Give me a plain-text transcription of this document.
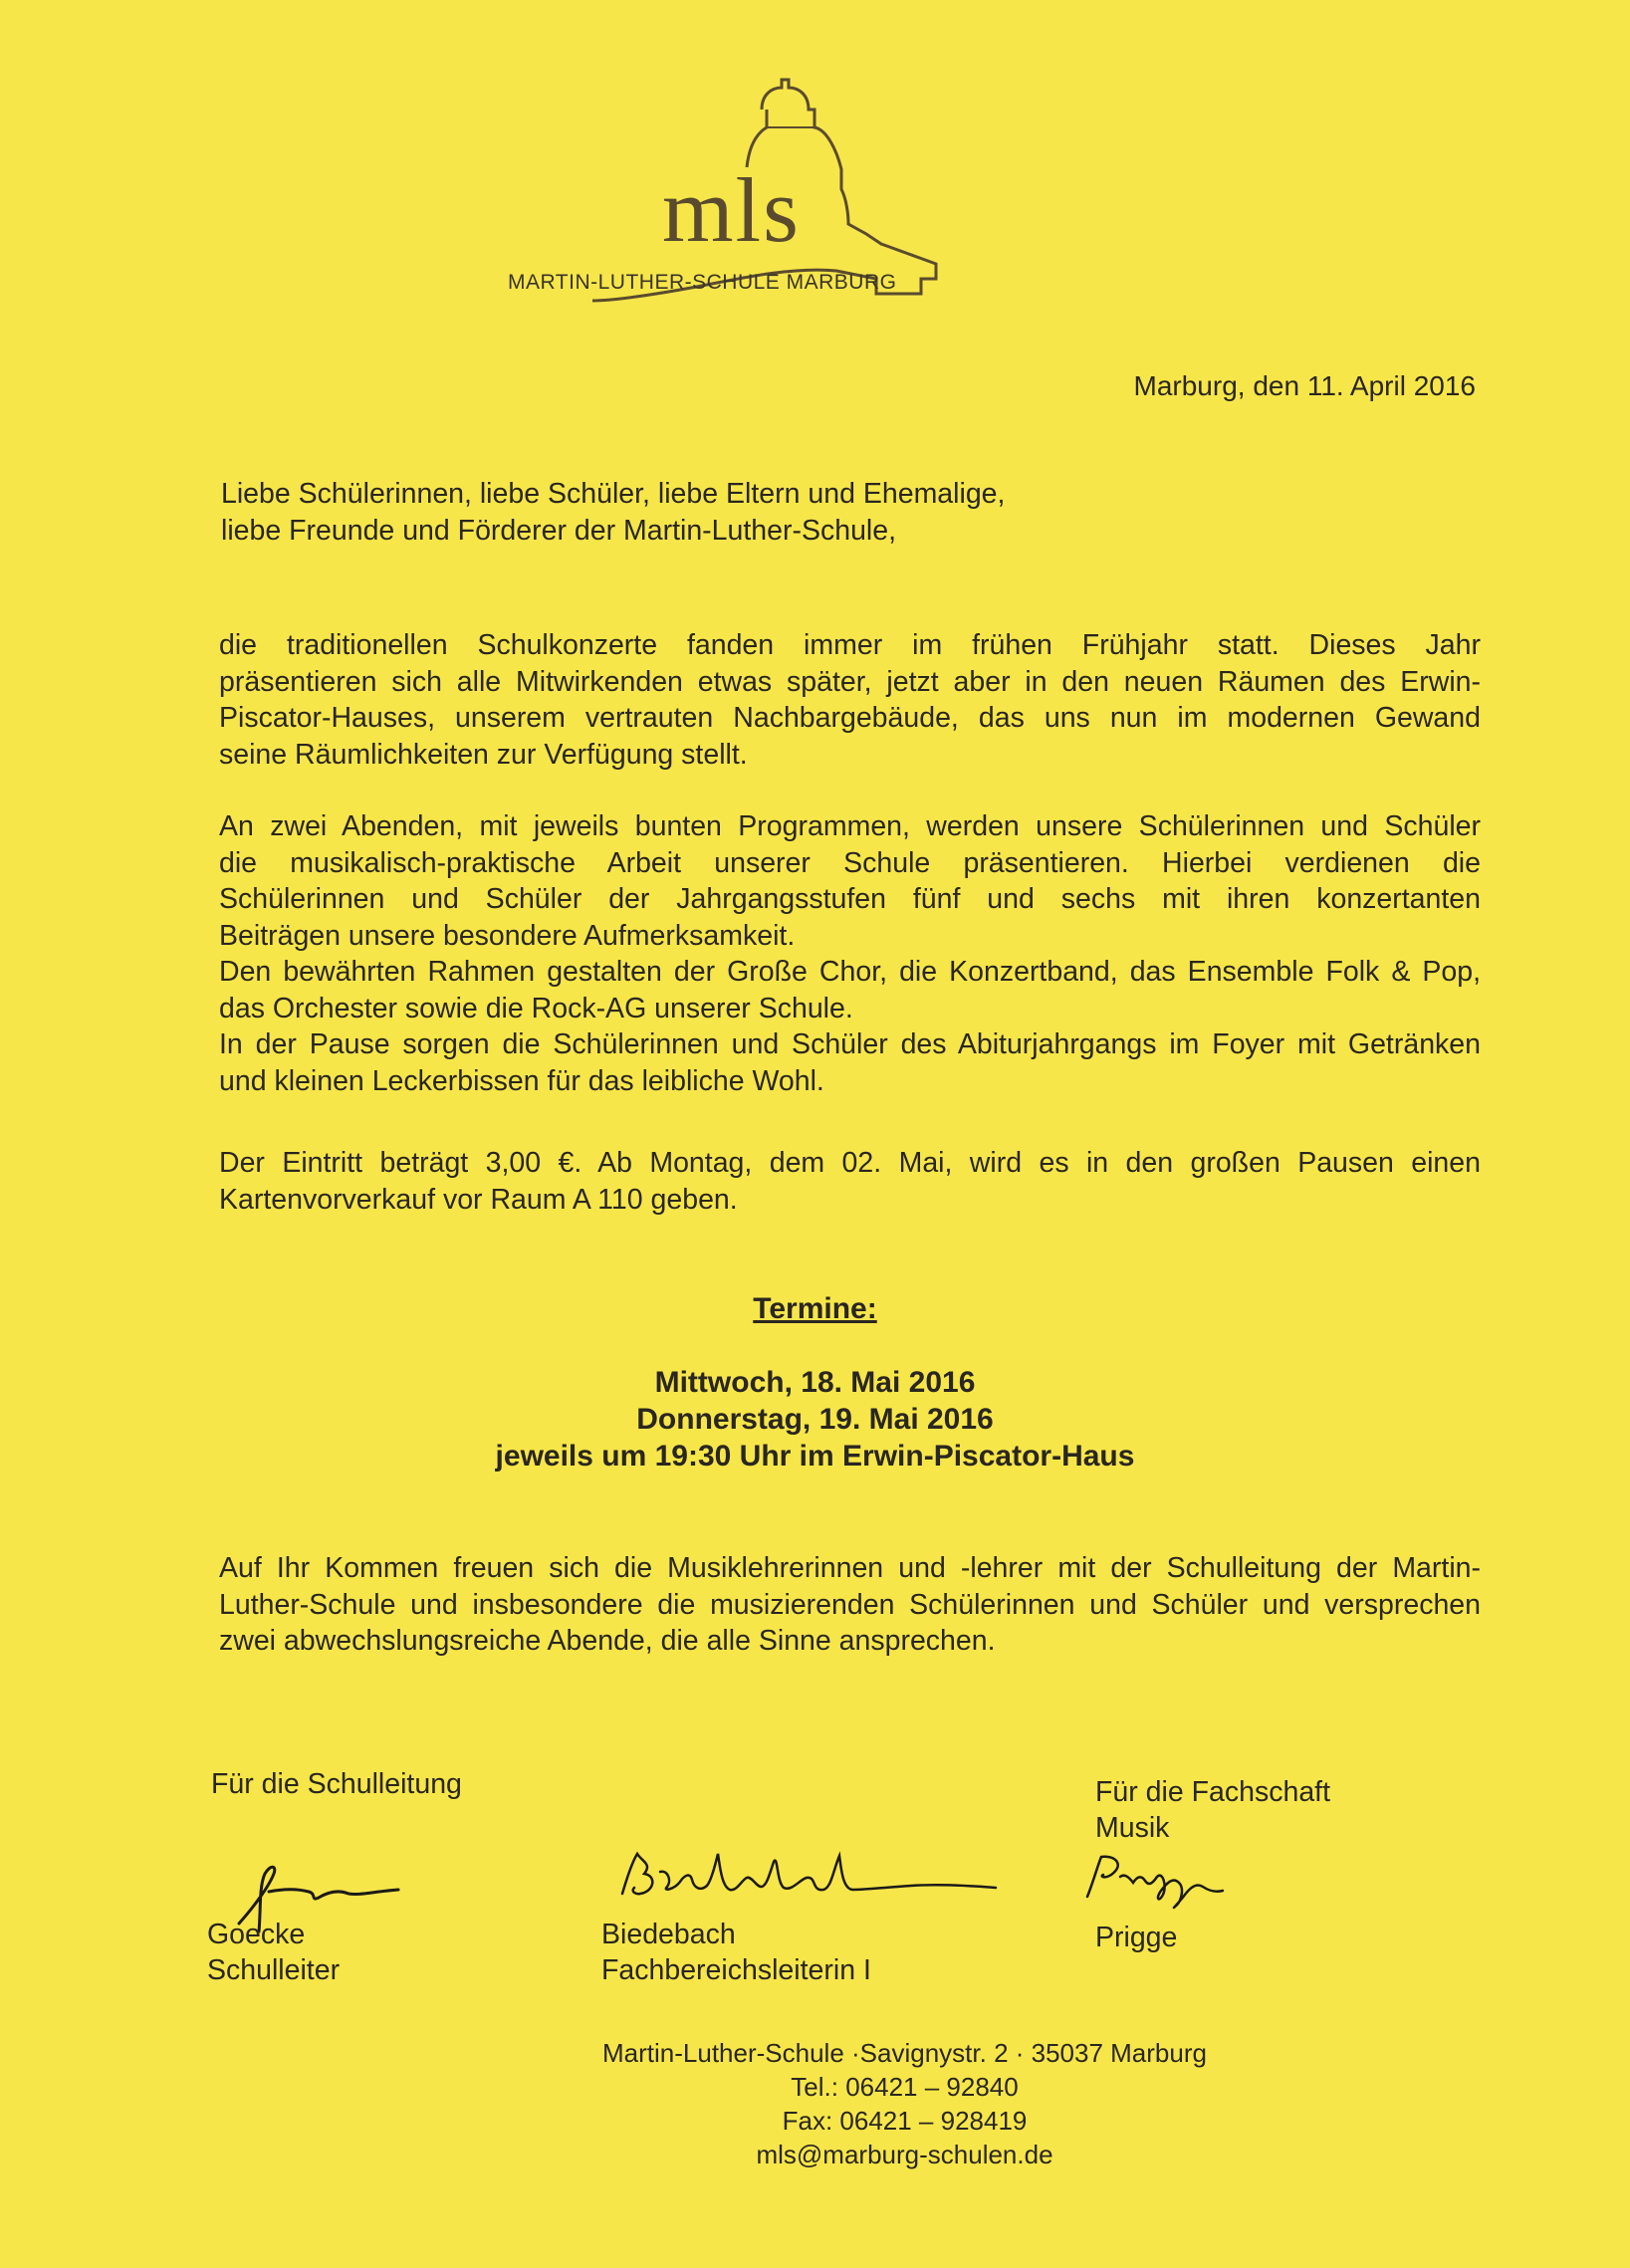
mls
MARTIN-LUTHER-SCHULE MARBURG
Marburg, den 11. April 2016
Liebe Schülerinnen, liebe Schüler, liebe Eltern und Ehemalige,
liebe Freunde und Förderer der Martin-Luther-Schule,
die traditionellen Schulkonzerte fanden immer im frühen Frühjahr statt. Dieses Jahr
präsentieren sich alle Mitwirkenden etwas später, jetzt aber in den neuen Räumen des Erwin-
Piscator-Hauses, unserem vertrauten Nachbargebäude, das uns nun im modernen Gewand
seine Räumlichkeiten zur Verfügung stellt.
An zwei Abenden, mit jeweils bunten Programmen, werden unsere Schülerinnen und Schüler
die musikalisch-praktische Arbeit unserer Schule präsentieren. Hierbei verdienen die
Schülerinnen und Schüler der Jahrgangsstufen fünf und sechs mit ihren konzertanten
Beiträgen unsere besondere Aufmerksamkeit.
Den bewährten Rahmen gestalten der Große Chor, die Konzertband, das Ensemble Folk & Pop,
das Orchester sowie die Rock-AG unserer Schule.
In der Pause sorgen die Schülerinnen und Schüler des Abiturjahrgangs im Foyer mit Getränken
und kleinen Leckerbissen für das leibliche Wohl.
Der Eintritt beträgt 3,00 €. Ab Montag, dem 02. Mai, wird es in den großen Pausen einen
Kartenvorverkauf vor Raum A 110 geben.
Termine:
Mittwoch, 18. Mai 2016
Donnerstag, 19. Mai 2016
jeweils um 19:30 Uhr im Erwin-Piscator-Haus
Auf Ihr Kommen freuen sich die Musiklehrerinnen und -lehrer mit der Schulleitung der Martin-
Luther-Schule und insbesondere die musizierenden Schülerinnen und Schüler und versprechen
zwei abwechslungsreiche Abende, die alle Sinne ansprechen.
Für die Schulleitung	Für die Fachschaft
Musik
Goecke
Schulleiter
Biedebach
Fachbereichsleiterin I
Prigge
Martin-Luther-Schule ·Savignystr. 2 · 35037 Marburg
Tel.: 06421 – 92840
Fax: 06421 – 928419
mls@marburg-schulen.de
